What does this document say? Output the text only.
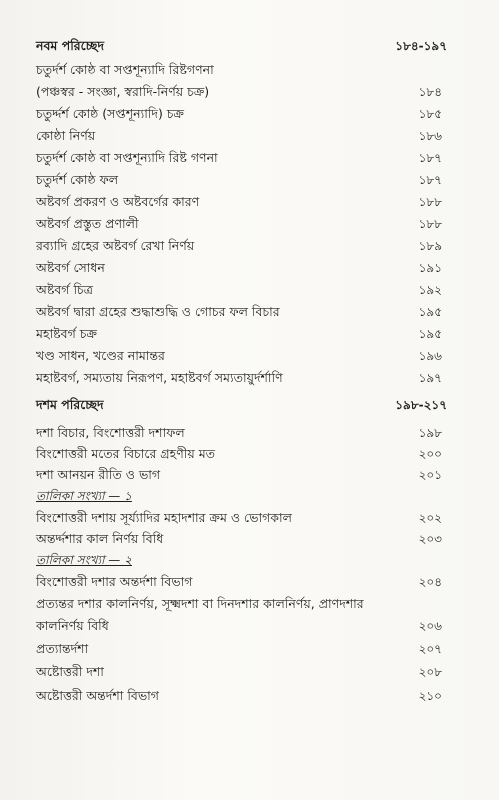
নবম পরিচ্ছেদ	১৮৪-১৯৭
চতুর্দর্শ কোষ্ঠ বা সপ্তশূন্যাদি রিষ্টগণনা
(পঞ্চস্বর - সংজ্ঞা, স্বরাদি-নির্ণয় চক্র)	১৮৪
চতুর্দ্দর্শ কোষ্ঠ (সপ্তশূন্যাদি) চক্র	১৮৫
কোষ্ঠা নির্ণয়	১৮৬
চতুর্দর্শ কোষ্ঠ বা সপ্তশূন্যাদি রিষ্ট গণনা	১৮৭
চতুর্দর্শ কোষ্ঠ ফল	১৮৭
অষ্টবর্গ প্রকরণ ও অষ্টবর্গের কারণ	১৮৮
অষ্টবর্গ প্রস্তুত প্রণালী	১৮৮
রব্যাদি গ্রহের অষ্টবর্গ রেখা নির্ণয়	১৮৯
অষ্টবর্গ সোধন	১৯১
অষ্টবর্গ চিত্র	১৯২
অষ্টবর্গ দ্বারা গ্রহের শুদ্ধাশুদ্ধি ও গোচর ফল বিচার	১৯৫
মহাষ্টবর্গ চক্র	১৯৫
খণ্ড সাধন, খণ্ডের নামান্তর	১৯৬
মহাষ্টবর্গ, সম্যতায় নিরূপণ, মহাষ্টবর্গ সম্যতায়ুর্দর্শাণি	১৯৭
দশম পরিচ্ছেদ	১৯৮-২১৭
দশা বিচার, বিংশোত্তরী দশাফল	১৯৮
বিংশোত্তরী মতের বিচারে গ্রহণীয় মত	২০০
দশা আনয়ন রীতি ও ভাগ	২০১
তালিকা সংখ্যা — ১
বিংশোত্তরী দশায় সূর্য্যাদির মহাদশার ক্রম ও ভোগকাল	২০২
অন্তর্দ্দশার কাল নির্ণয় বিধি	২০৩
তালিকা সংখ্যা — ২
বিংশোত্তরী দশার অন্তর্দশা বিভাগ	২০৪
প্রত্যন্তর দশার কালনির্ণয়, সূক্ষ্মদশা বা দিনদশার কালনির্ণয়, প্রাণদশার
কালনির্ণয় বিধি	২০৬
প্রত্যান্তর্দশা	২০৭
অষ্টোত্তরী দশা	২০৮
অষ্টোত্তরী অন্তর্দশা বিভাগ	২১০
